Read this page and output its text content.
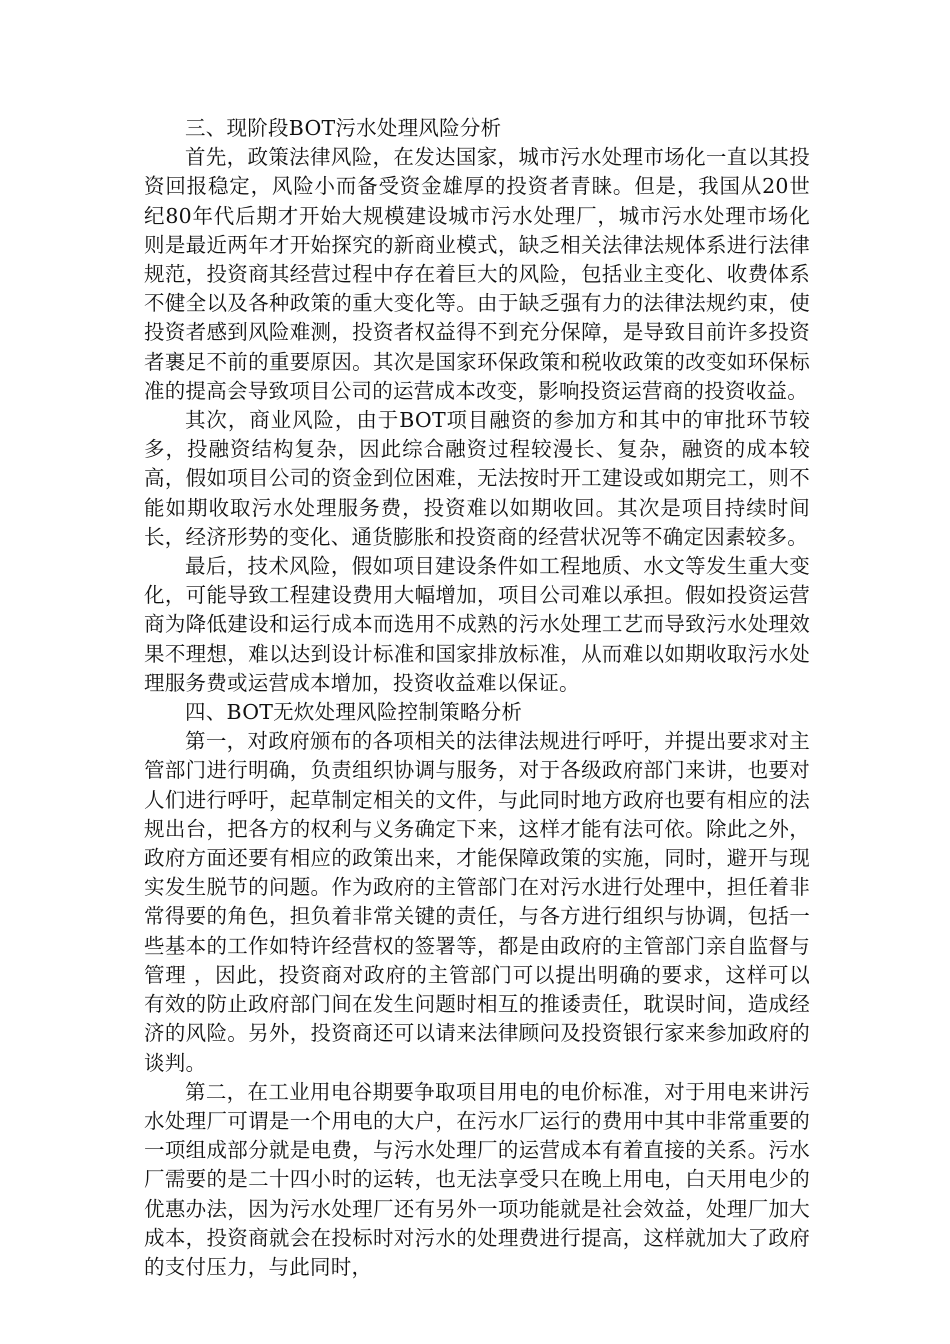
三、现阶段BOT污水处理风险分析

首先，政策法律风险，在发达国家，城市污水处理市场化一直以其投资回报稳定，风险小而备受资金雄厚的投资者青睐。但是，我国从20世纪80年代后期才开始大规模建设城市污水处理厂，城市污水处理市场化则是最近两年才开始探究的新商业模式，缺乏相关法律法规体系进行法律规范，投资商其经营过程中存在着巨大的风险，包括业主变化、收费体系不健全以及各种政策的重大变化等。由于缺乏强有力的法律法规约束，使投资者感到风险难测，投资者权益得不到充分保障，是导致目前许多投资者裹足不前的重要原因。其次是国家环保政策和税收政策的改变如环保标准的提高会导致项目公司的运营成本改变，影响投资运营商的投资收益。

其次，商业风险，由于BOT项目融资的参加方和其中的审批环节较多，投融资结构复杂，因此综合融资过程较漫长、复杂，融资的成本较高，假如项目公司的资金到位困难，无法按时开工建设或如期完工，则不能如期收取污水处理服务费，投资难以如期收回。其次是项目持续时间长，经济形势的变化、通货膨胀和投资商的经营状况等不确定因素较多。

最后，技术风险，假如项目建设条件如工程地质、水文等发生重大变化，可能导致工程建设费用大幅增加，项目公司难以承担。假如投资运营商为降低建设和运行成本而选用不成熟的污水处理工艺而导致污水处理效果不理想，难以达到设计标准和国家排放标准，从而难以如期收取污水处理服务费或运营成本增加，投资收益难以保证。

四、BOT无炊处理风险控制策略分析

第一，对政府颁布的各项相关的法律法规进行呼吁，并提出要求对主管部门进行明确，负责组织协调与服务，对于各级政府部门来讲，也要对人们进行呼吁，起草制定相关的文件，与此同时地方政府也要有相应的法规出台，把各方的权利与义务确定下来，这样才能有法可依。除此之外，政府方面还要有相应的政策出来，才能保障政策的实施，同时，避开与现实发生脱节的问题。作为政府的主管部门在对污水进行处理中，担任着非常得要的角色，担负着非常关键的责任，与各方进行组织与协调，包括一些基本的工作如特许经营权的签署等，都是由政府的主管部门亲自监督与管理 ，因此，投资商对政府的主管部门可以提出明确的要求，这样可以有效的防止政府部门间在发生问题时相互的推诿责任，耽误时间，造成经济的风险。另外，投资商还可以请来法律顾问及投资银行家来参加政府的谈判。

第二，在工业用电谷期要争取项目用电的电价标准，对于用电来讲污水处理厂可谓是一个用电的大户，在污水厂运行的费用中其中非常重要的一项组成部分就是电费，与污水处理厂的运营成本有着直接的关系。污水厂需要的是二十四小时的运转，也无法享受只在晚上用电，白天用电少的优惠办法，因为污水处理厂还有另外一项功能就是社会效益，处理厂加大成本，投资商就会在投标时对污水的处理费进行提高，这样就加大了政府的支付压力，与此同时，
